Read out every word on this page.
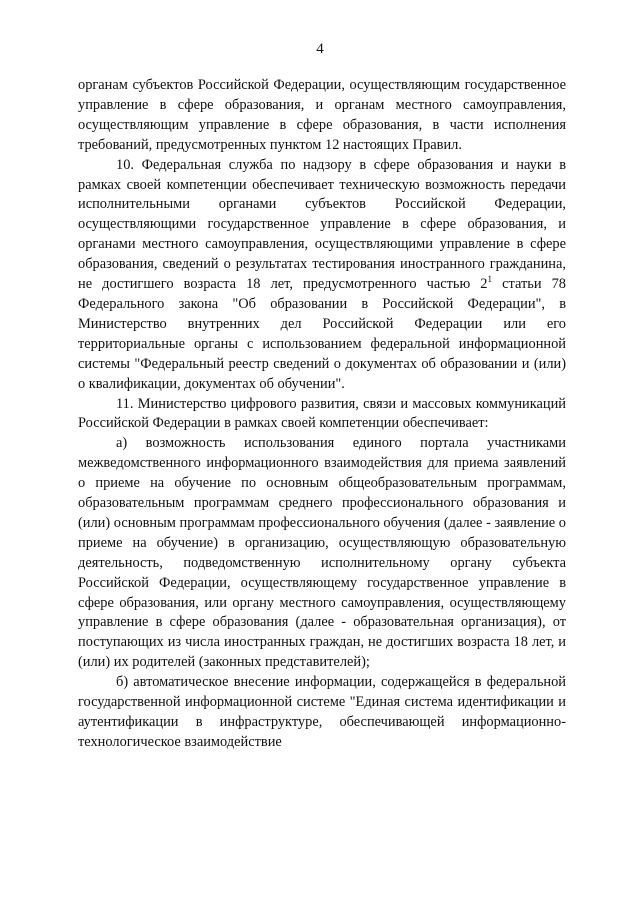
4

органам субъектов Российской Федерации, осуществляющим государственное управление в сфере образования, и органам местного самоуправления, осуществляющим управление в сфере образования, в части исполнения требований, предусмотренных пунктом 12 настоящих Правил.

10. Федеральная служба по надзору в сфере образования и науки в рамках своей компетенции обеспечивает техническую возможность передачи исполнительными органами субъектов Российской Федерации, осуществляющими государственное управление в сфере образования, и органами местного самоуправления, осуществляющими управление в сфере образования, сведений о результатах тестирования иностранного гражданина, не достигшего возраста 18 лет, предусмотренного частью $2^1$ статьи 78 Федерального закона "Об образовании в Российской Федерации", в Министерство внутренних дел Российской Федерации или его территориальные органы с использованием федеральной информационной системы "Федеральный реестр сведений о документах об образовании и (или) о квалификации, документах об обучении".

11. Министерство цифрового развития, связи и массовых коммуникаций Российской Федерации в рамках своей компетенции обеспечивает:

а) возможность использования единого портала участниками межведомственного информационного взаимодействия для приема заявлений о приеме на обучение по основным общеобразовательным программам, образовательным программам среднего профессионального образования и (или) основным программам профессионального обучения (далее - заявление о приеме на обучение) в организацию, осуществляющую образовательную деятельность, подведомственную исполнительному органу субъекта Российской Федерации, осуществляющему государственное управление в сфере образования, или органу местного самоуправления, осуществляющему управление в сфере образования (далее - образовательная организация), от поступающих из числа иностранных граждан, не достигших возраста 18 лет, и (или) их родителей (законных представителей);

б) автоматическое внесение информации, содержащейся в федеральной государственной информационной системе "Единая система идентификации и аутентификации в инфраструктуре, обеспечивающей информационно-технологическое взаимодействие
